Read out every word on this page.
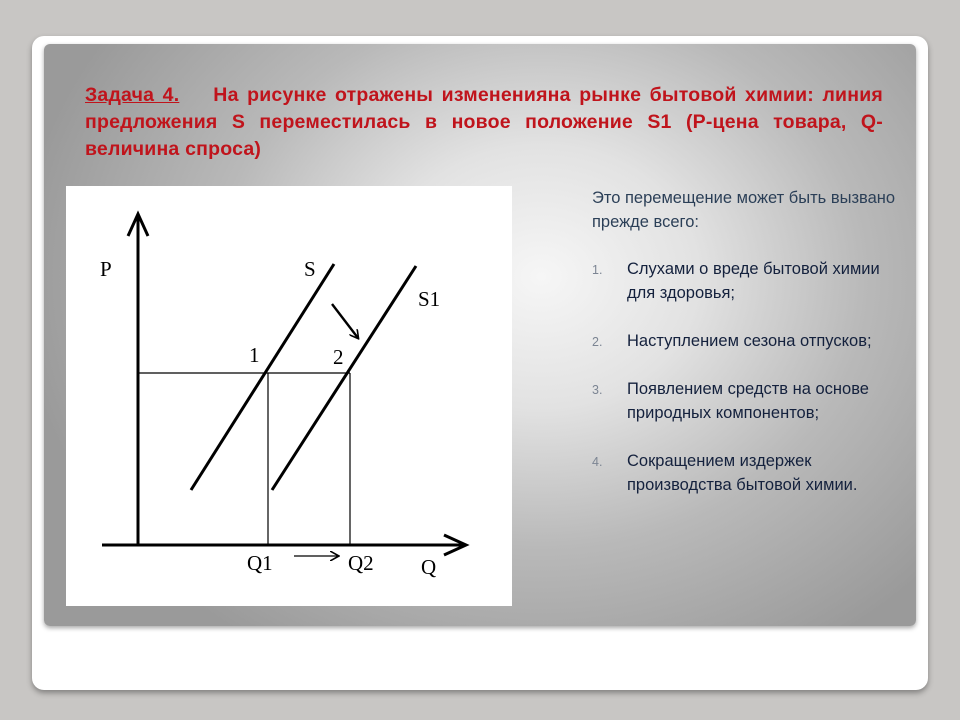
Задача 4. На рисунке отражены измененияна рынке бытовой химии: линия предложения S переместилась в новое положение S1 (P-цена товара, Q- величина спроса)
P	S
S1
1	2
Q1	Q2 Q

Это перемещение может быть вызвано прежде всего:

1. Слухами о вреде бытовой химии для здоровья;
2. Наступлением сезона отпусков;
3. Появлением средств на основе природных компонентов;
4. Сокращением издержек производства бытовой химии.
